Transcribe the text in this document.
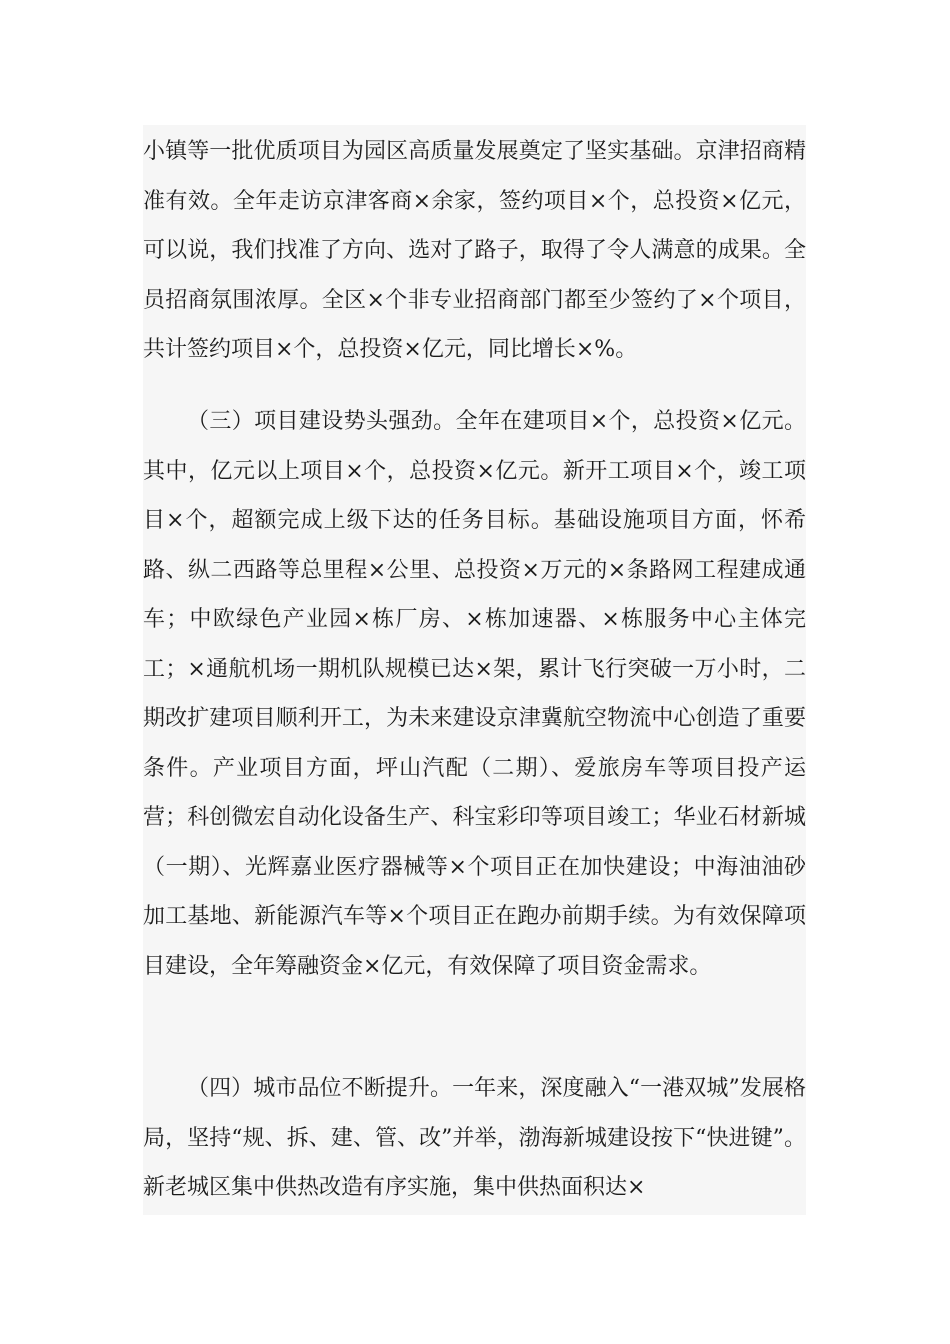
小镇等一批优质项目为园区高质量发展奠定了坚实基础。京津招商精准有效。全年走访京津客商×余家，签约项目×个，总投资×亿元，可以说，我们找准了方向、选对了路子，取得了令人满意的成果。全员招商氛围浓厚。全区×个非专业招商部门都至少签约了×个项目，共计签约项目×个，总投资×亿元，同比增长×%。

（三）项目建设势头强劲。全年在建项目×个，总投资×亿元。其中，亿元以上项目×个，总投资×亿元。新开工项目×个，竣工项目×个，超额完成上级下达的任务目标。基础设施项目方面，怀希路、纵二西路等总里程×公里、总投资×万元的×条路网工程建成通车；中欧绿色产业园×栋厂房、×栋加速器、×栋服务中心主体完工；×通航机场一期机队规模已达×架，累计飞行突破一万小时，二期改扩建项目顺利开工，为未来建设京津冀航空物流中心创造了重要条件。产业项目方面，坪山汽配（二期）、爱旅房车等项目投产运营；科创微宏自动化设备生产、科宝彩印等项目竣工；华业石材新城（一期）、光辉嘉业医疗器械等×个项目正在加快建设；中海油油砂加工基地、新能源汽车等×个项目正在跑办前期手续。为有效保障项目建设，全年筹融资金×亿元，有效保障了项目资金需求。

（四）城市品位不断提升。一年来，深度融入“一港双城”发展格局，坚持“规、拆、建、管、改”并举，渤海新城建设按下“快进键”。新老城区集中供热改造有序实施，集中供热面积达×
